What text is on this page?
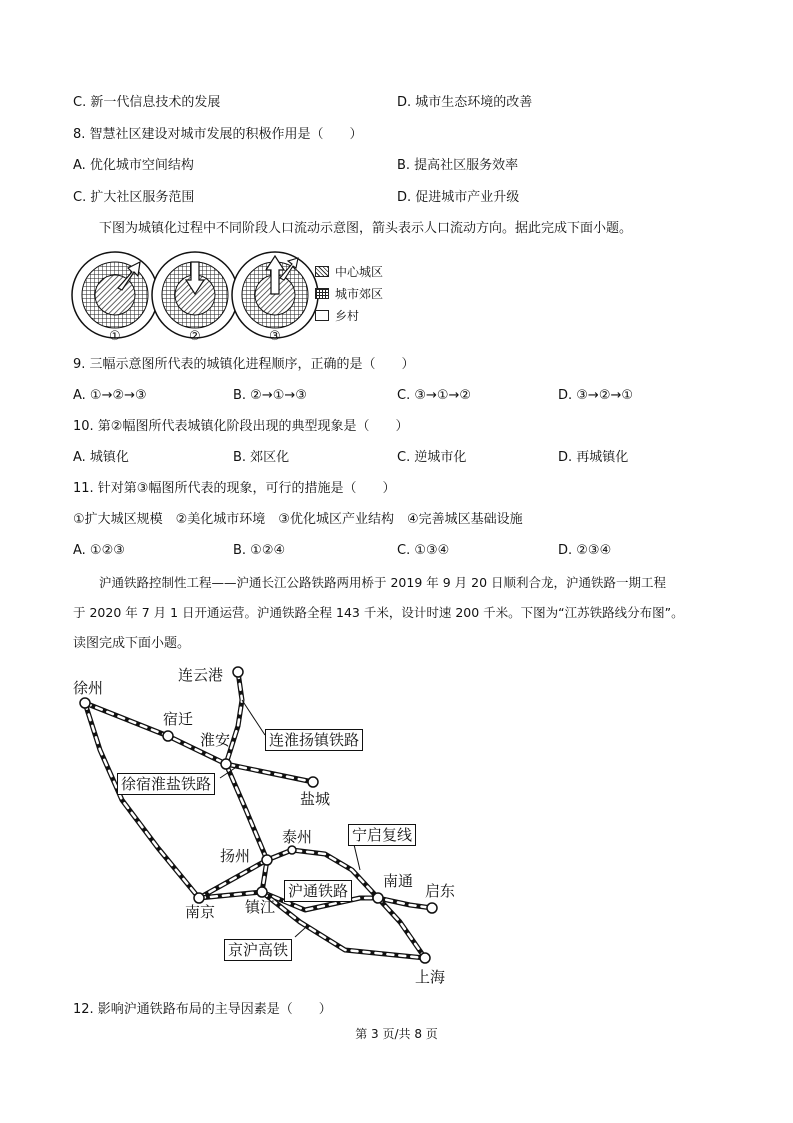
C. 新一代信息技术的发展	D. 城市生态环境的改善
8. 智慧社区建设对城市发展的积极作用是（　　）
A. 优化城市空间结构	B. 提高社区服务效率
C. 扩大社区服务范围	D. 促进城市产业升级
下图为城镇化过程中不同阶段人口流动示意图，箭头表示人口流动方向。据此完成下面小题。
①	②	③
中心城区
城市郊区
乡村
9. 三幅示意图所代表的城镇化进程顺序，正确的是（　　）
A. ①→②→③	B. ②→①→③	C. ③→①→②	D. ③→②→①
10. 第②幅图所代表城镇化阶段出现的典型现象是（　　）
A. 城镇化	B. 郊区化	C. 逆城市化	D. 再城镇化
11. 针对第③幅图所代表的现象，可行的措施是（　　）
①扩大城区规模　②美化城市环境　③优化城区产业结构　④完善城区基础设施
A. ①②③	B. ①②④	C. ①③④	D. ②③④
沪通铁路控制性工程——沪通长江公路铁路两用桥于 2019 年 9 月 20 日顺利合龙，沪通铁路一期工程
于 2020 年 7 月 1 日开通运营。沪通铁路全程 143 千米，设计时速 200 千米。下图为“江苏铁路线分布图”。
读图完成下面小题。
连云港
徐州
宿迁
淮安
盐城
泰州
扬州
南京 镇江
南通
启东
上海
连淮扬镇铁路
徐宿淮盐铁路
宁启复线
沪通铁路
京沪高铁
12. 影响沪通铁路布局的主导因素是（　　）
第 3 页/共 8 页
